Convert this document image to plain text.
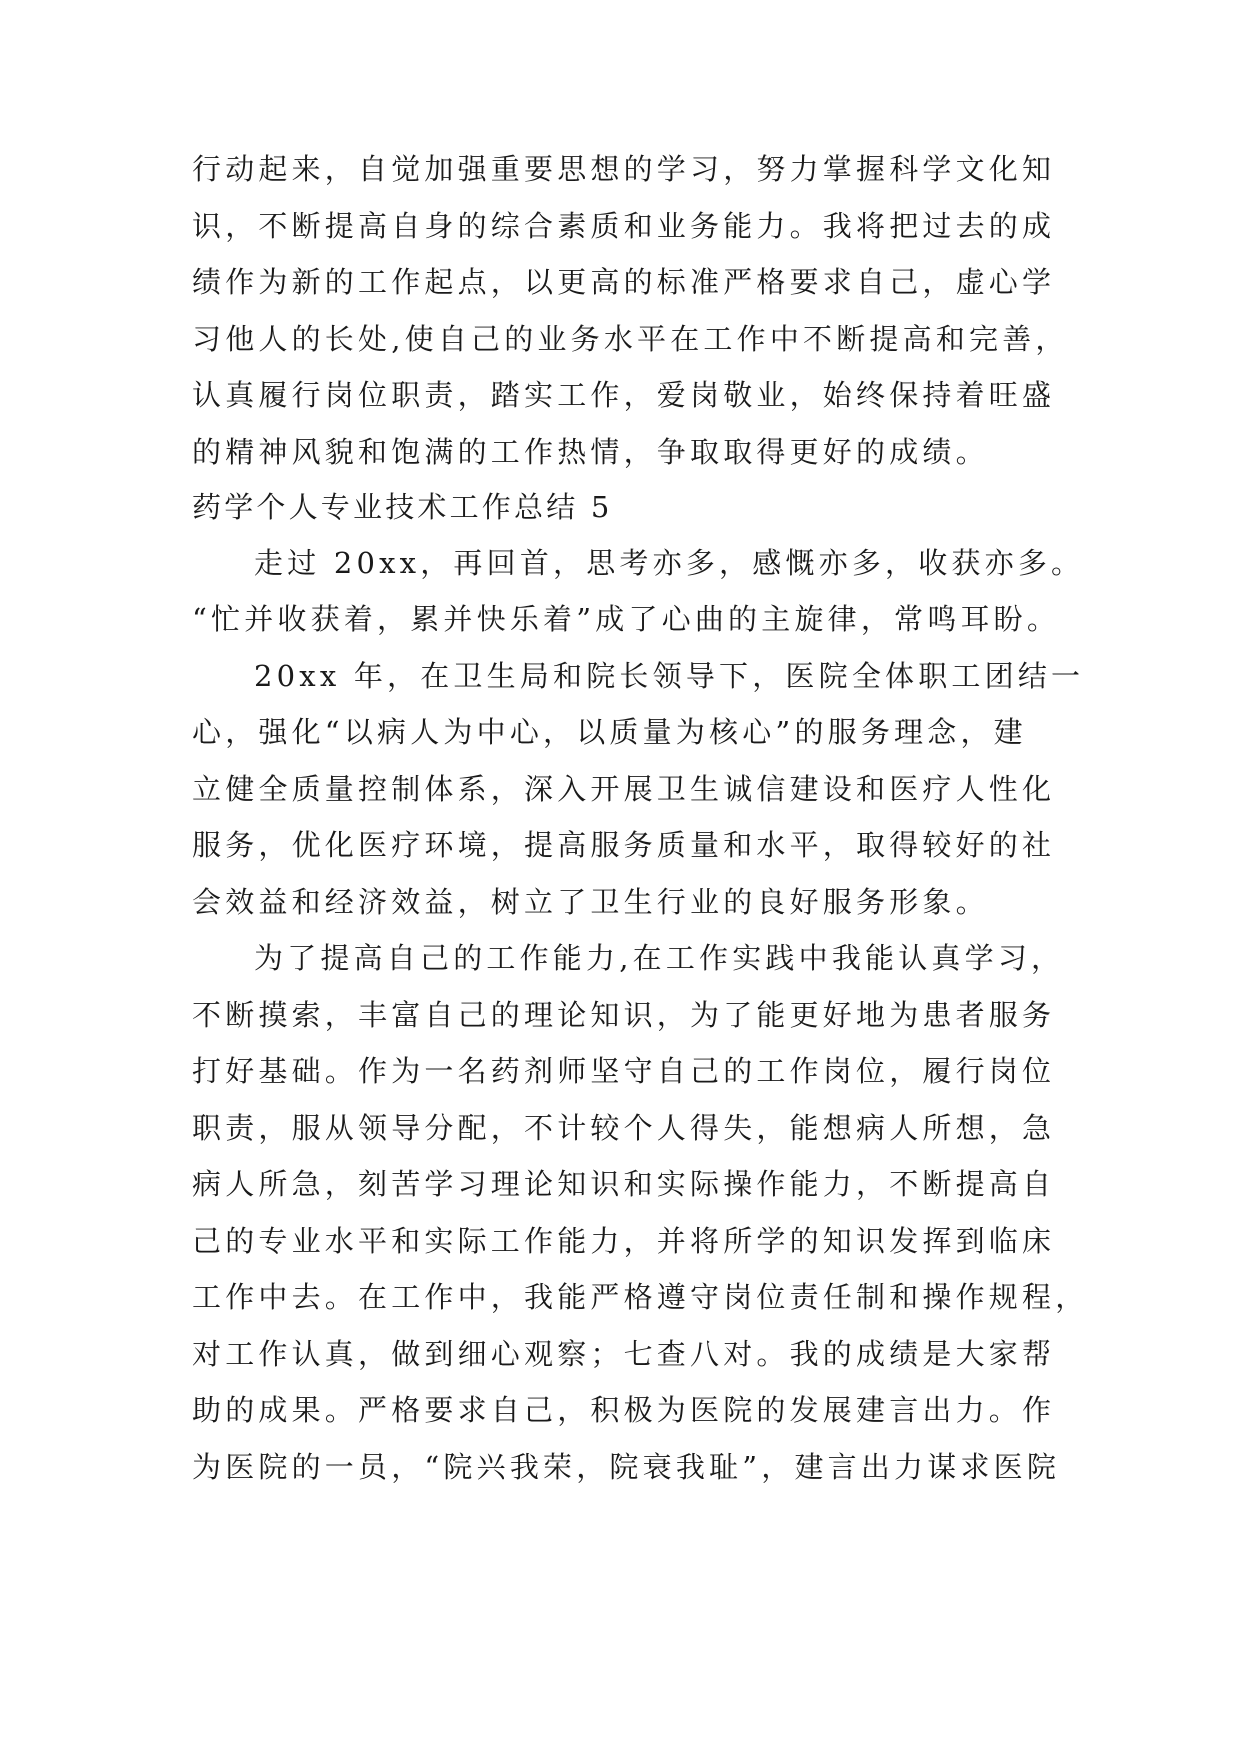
行动起来，自觉加强重要思想的学习，努力掌握科学文化知
识，不断提高自身的综合素质和业务能力。我将把过去的成
绩作为新的工作起点，以更高的标准严格要求自己，虚心学
习他人的长处,使自己的业务水平在工作中不断提高和完善，
认真履行岗位职责，踏实工作，爱岗敬业，始终保持着旺盛
的精神风貌和饱满的工作热情，争取取得更好的成绩。
药学个人专业技术工作总结 5
走过 20xx，再回首，思考亦多，感慨亦多，收获亦多。
“忙并收获着，累并快乐着”成了心曲的主旋律，常鸣耳盼。
20xx 年，在卫生局和院长领导下，医院全体职工团结一
心，强化“以病人为中心，以质量为核心”的服务理念，建
立健全质量控制体系，深入开展卫生诚信建设和医疗人性化
服务，优化医疗环境，提高服务质量和水平，取得较好的社
会效益和经济效益，树立了卫生行业的良好服务形象。
为了提高自己的工作能力,在工作实践中我能认真学习，
不断摸索，丰富自己的理论知识，为了能更好地为患者服务
打好基础。作为一名药剂师坚守自己的工作岗位，履行岗位
职责，服从领导分配，不计较个人得失，能想病人所想，急
病人所急，刻苦学习理论知识和实际操作能力，不断提高自
己的专业水平和实际工作能力，并将所学的知识发挥到临床
工作中去。在工作中，我能严格遵守岗位责任制和操作规程，
对工作认真，做到细心观察；七查八对。我的成绩是大家帮
助的成果。严格要求自己，积极为医院的发展建言出力。作
为医院的一员，“院兴我荣，院衰我耻”，建言出力谋求医院
